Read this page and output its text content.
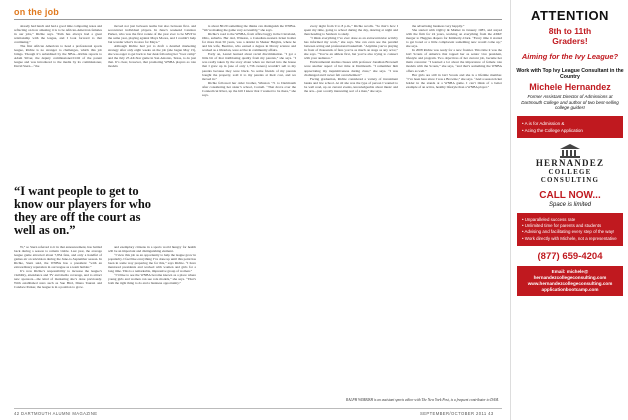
on the job

already had lunch and had a good time comparing notes and reflecting on how amazing it is to be African-American females in our jobs,” Richie says. “Pam has always had a great relationship with the league, and I look forward to that continuing.”

The first African American to head a professional sports league, Richie is no stranger to challenges, which this job brings. Though it’s subsidized by the NBA—Richie reports to Adam Silver, the deputy commissioner/COO of the parent league and was introduced to the media by its commissioner, David Stern—“the

moved not just between teams but also between first- and second-tier individual players. In June’s weekend Candace Parker, who was the first rookie of the year ever to be MVP in the same year, playing against Maya Moore, and I couldn’t help but wonder what’s in store for Maya.”

Although Richie had yet to draft a detailed marketing strategy after only eight weeks on the job (she began May 15), she was eager to get back to her desk following her “boot camp” and the July 25 All-Star game in San Antonio, Texas, to do just that. It’s clear, however, that promoting WNBA players as role models

“I want people to get to know our players for who they are off the court as well as on.”

W,” so Stern referred to it in that announcement, has battled back during a season to remain viable. Last year, the average league game attracted about 7,834 fans, and only a handful of games air on television during the June-to-September season. In Richie, Stern said, the WNBA has a president “with an extraordinary reputation in our league as a team builder.”

It’s now Richie’s responsibility to increase the league’s visibility, attendance and TV and media coverage, and to attract new sponsors—the kind of marketing she’s done previously. With established stars such as Sue Bird, Diana Taurasi and Candace Parker, the league is in a position to grow.

and exemplary citizens in a sports world hungry for health will be an important and distinguishing element.

“I view this job as an opportunity to help the league grow in popularity. I feel like everything I’ve done up until this point has been in some way preparing me for this,” says Richie. “I have mentored presidents and worked with women and girls for a long time. This is a remarkable, impressive group of women.”

“I’d like to see the WNBA become known as a place where young girls and women can see role models,” she says. “That’s both the right thing to do and a business opportunity.”

is about 80/20 something the thinks can distinguish the WNBA. “We’re making the game very accessibly,” she says.

Richie’s road to the WNBA, from office buggy in the Cleveland, Ohio, suburbs. Her dad, Winston, a Canadian-western ticket holder for more than 50 years, was a dentist in Shaker Heights, where he and his wife, Beatrice, who earned a degree in library science and worked as a librarian, were active in community affairs.

Early on, Laurel learned about racial discrimination. “I got a little bit of that trailblazing quality from my parents,” she says. “I was really taken by the story about when we moved into the house that I grew up in (one of only 1,736 owners) wouldn’t sell to my parents because they were black. So some friends of my parents bought the property, sold it to my parents at their cost, and we moved in.”

Richie followed her older brother, Winston ’71 to Dartmouth after considering her sister’s school, Cornell. “That drove over the Connecticut River, up the hill I knew that I wanted to be there,” she says.

every night from 9 to 8 p.m.,” Richie recalls. “So that’s how I spent my time, going to school during the day, dancing at night and then heading to Sanborn to study.

“I think everything I’ve ever done as an extracurricular activity has informed my work,” she says. She can even see the parallel between acting and professional basketball. “Anytime you’re playing in front of thousands of fans you’re as much on stage as any actor,” she says. “You’re an athlete first, but you’re also trying to connect with your audience.”

Environmental studies classes with professor Jonathan Brownell were another aspect of her time at Dartmouth. “I remember him appreciating my inquisitiveness during class,” she says. “I was challenged and I never felt overwhelmed.”

Facing graduation, Richie considered a variety of investment banks and law school. At 42 she was the type of person I wanted to be well read, up on current events, knowledgeable about music and the arts—just a really interesting sort of a man,” she says.

the advertising business very happily.”

She started with Ogilvy & Mather in January 1983, and stayed with the firm for 24 years, working on everything from the AT&T merger to Huggies diapers for Kimberly-Clark. “Every time it started to get bored or a little complacent something new would come up,” she says.

In 2008 Richie was ready for a new frontier. This time it was the Girl Scouts of America that tapped her as senior vice president, lifestyle and program. Two objectives of her current job, became her main concerns: “I learned a lot about the importance of female role models with the Scouts,” she says, “and that’s something the WNBA offers as well.”

Her girls are still in Girl Scouts and she is a lifetime member. “I’ve been here since I was a Brownie,” she says. “And a season ticket holder in the stands at a WNBA game. I can’t think of a better example of an active, healthy lifestyle than a WNBA player.”

RALPH WIMBISH is an assistant sports editor with The New York Post, is a frequent contributor to DAM.
42 DARTMOUTH ALUMNI MAGAZINE	SEPTEMBER/OCTOBER 2011 43
ATTENTION
8th to 11th
Graders!
Aiming for the Ivy League?
Work with Top Ivy League Consultant in the Country
Michele Hernandez
Former Assistant Director of Admissions at Dartmouth College and author of two best-selling college guides!
• A is for Admission &
• Acing the College Application
HERNANDEZ
COLLEGE CONSULTING
CALL NOW...
Space is limited
• Unparalleled success rate
• Unlimited time for parents and students
• Advising and facilitating every step of the way!
• Work directly with Michele, not a representative
(877) 659-4204
Email: michele@
hernandezcollegeconsulting.com
www.hernandezcollegeconsulting.com
applicationbootcamp.com
